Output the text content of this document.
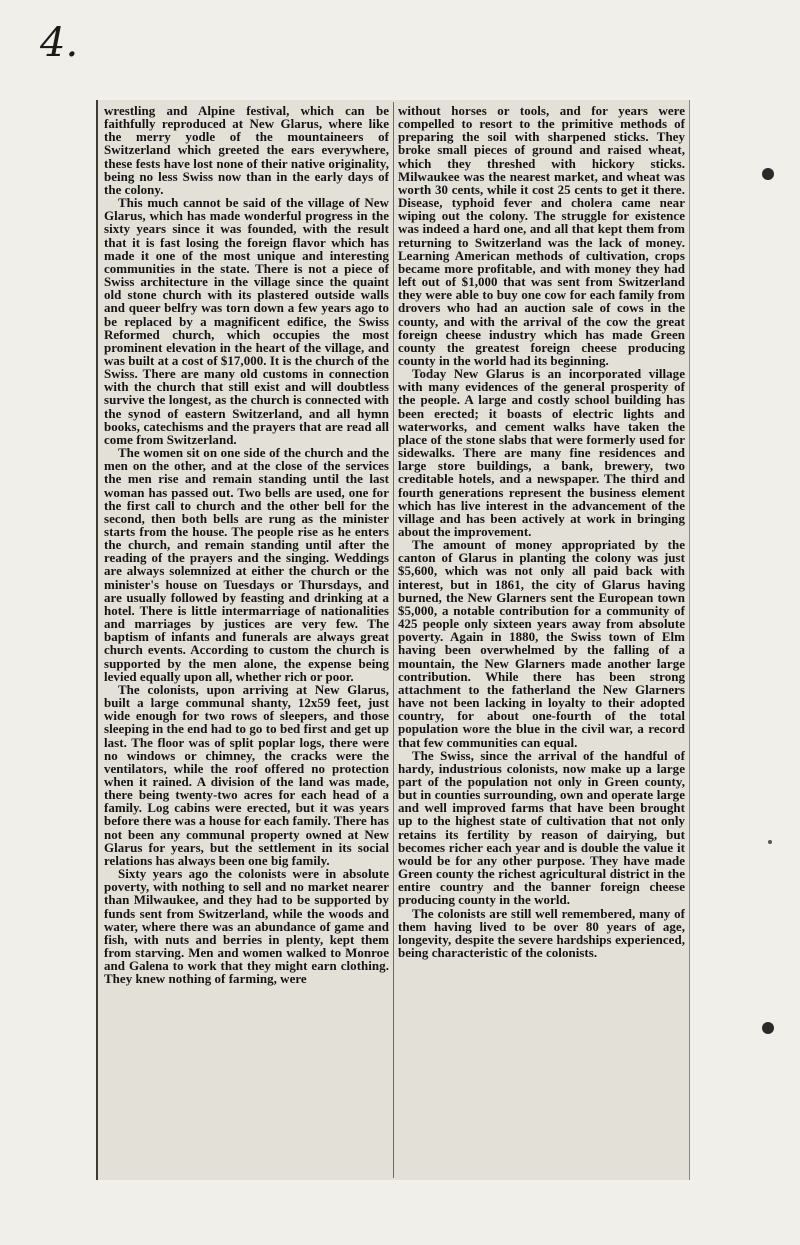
4.

wrestling and Alpine festival, which can be faithfully reproduced at New Glarus, where like the merry yodle of the mountaineers of Switzerland which greeted the ears everywhere, these fests have lost none of their native originality, being no less Swiss now than in the early days of the colony.

This much cannot be said of the village of New Glarus, which has made wonderful progress in the sixty years since it was founded, with the result that it is fast losing the foreign flavor which has made it one of the most unique and interesting communities in the state. There is not a piece of Swiss architecture in the village since the quaint old stone church with its plastered outside walls and queer belfry was torn down a few years ago to be replaced by a magnificent edifice, the Swiss Reformed church, which occupies the most prominent elevation in the heart of the village, and was built at a cost of $17,000. It is the church of the Swiss. There are many old customs in connection with the church that still exist and will doubtless survive the longest, as the church is connected with the synod of eastern Switzerland, and all hymn books, catechisms and the prayers that are read all come from Switzerland.

The women sit on one side of the church and the men on the other, and at the close of the services the men rise and remain standing until the last woman has passed out. Two bells are used, one for the first call to church and the other bell for the second, then both bells are rung as the minister starts from the house. The people rise as he enters the church, and remain standing until after the reading of the prayers and the singing. Weddings are always solemnized at either the church or the minister's house on Tuesdays or Thursdays, and are usually followed by feasting and drinking at a hotel. There is little intermarriage of nationalities and marriages by justices are very few. The baptism of infants and funerals are always great church events. According to custom the church is supported by the men alone, the expense being levied equally upon all, whether rich or poor.

The colonists, upon arriving at New Glarus, built a large communal shanty, 12x59 feet, just wide enough for two rows of sleepers, and those sleeping in the end had to go to bed first and get up last. The floor was of split poplar logs, there were no windows or chimney, the cracks were the ventilators, while the roof offered no protection when it rained. A division of the land was made, there being twenty-two acres for each head of a family. Log cabins were erected, but it was years before there was a house for each family. There has not been any communal property owned at New Glarus for years, but the settlement in its social relations has always been one big family.

Sixty years ago the colonists were in absolute poverty, with nothing to sell and no market nearer than Milwaukee, and they had to be supported by funds sent from Switzerland, while the woods and water, where there was an abundance of game and fish, with nuts and berries in plenty, kept them from starving. Men and women walked to Monroe and Galena to work that they might earn clothing. They knew nothing of farming, were

without horses or tools, and for years were compelled to resort to the primitive methods of preparing the soil with sharpened sticks. They broke small pieces of ground and raised wheat, which they threshed with hickory sticks. Milwaukee was the nearest market, and wheat was worth 30 cents, while it cost 25 cents to get it there. Disease, typhoid fever and cholera came near wiping out the colony. The struggle for existence was indeed a hard one, and all that kept them from returning to Switzerland was the lack of money. Learning American methods of cultivation, crops became more profitable, and with money they had left out of $1,000 that was sent from Switzerland they were able to buy one cow for each family from drovers who had an auction sale of cows in the county, and with the arrival of the cow the great foreign cheese industry which has made Green county the greatest foreign cheese producing county in the world had its beginning.

Today New Glarus is an incorporated village with many evidences of the general prosperity of the people. A large and costly school building has been erected; it boasts of electric lights and waterworks, and cement walks have taken the place of the stone slabs that were formerly used for sidewalks. There are many fine residences and large store buildings, a bank, brewery, two creditable hotels, and a newspaper. The third and fourth generations represent the business element which has live interest in the advancement of the village and has been actively at work in bringing about the improvement.

The amount of money appropriated by the canton of Glarus in planting the colony was just $5,600, which was not only all paid back with interest, but in 1861, the city of Glarus having burned, the New Glarners sent the European town $5,000, a notable contribution for a community of 425 people only sixteen years away from absolute poverty. Again in 1880, the Swiss town of Elm having been overwhelmed by the falling of a mountain, the New Glarners made another large contribution. While there has been strong attachment to the fatherland the New Glarners have not been lacking in loyalty to their adopted country, for about one-fourth of the total population wore the blue in the civil war, a record that few communities can equal.

The Swiss, since the arrival of the handful of hardy, industrious colonists, now make up a large part of the population not only in Green county, but in counties surrounding, own and operate large and well improved farms that have been brought up to the highest state of cultivation that not only retains its fertility by reason of dairying, but becomes richer each year and is double the value it would be for any other purpose. They have made Green county the richest agricultural district in the entire country and the banner foreign cheese producing county in the world.

The colonists are still well remembered, many of them having lived to be over 80 years of age, longevity, despite the severe hardships experienced, being characteristic of the colonists.
